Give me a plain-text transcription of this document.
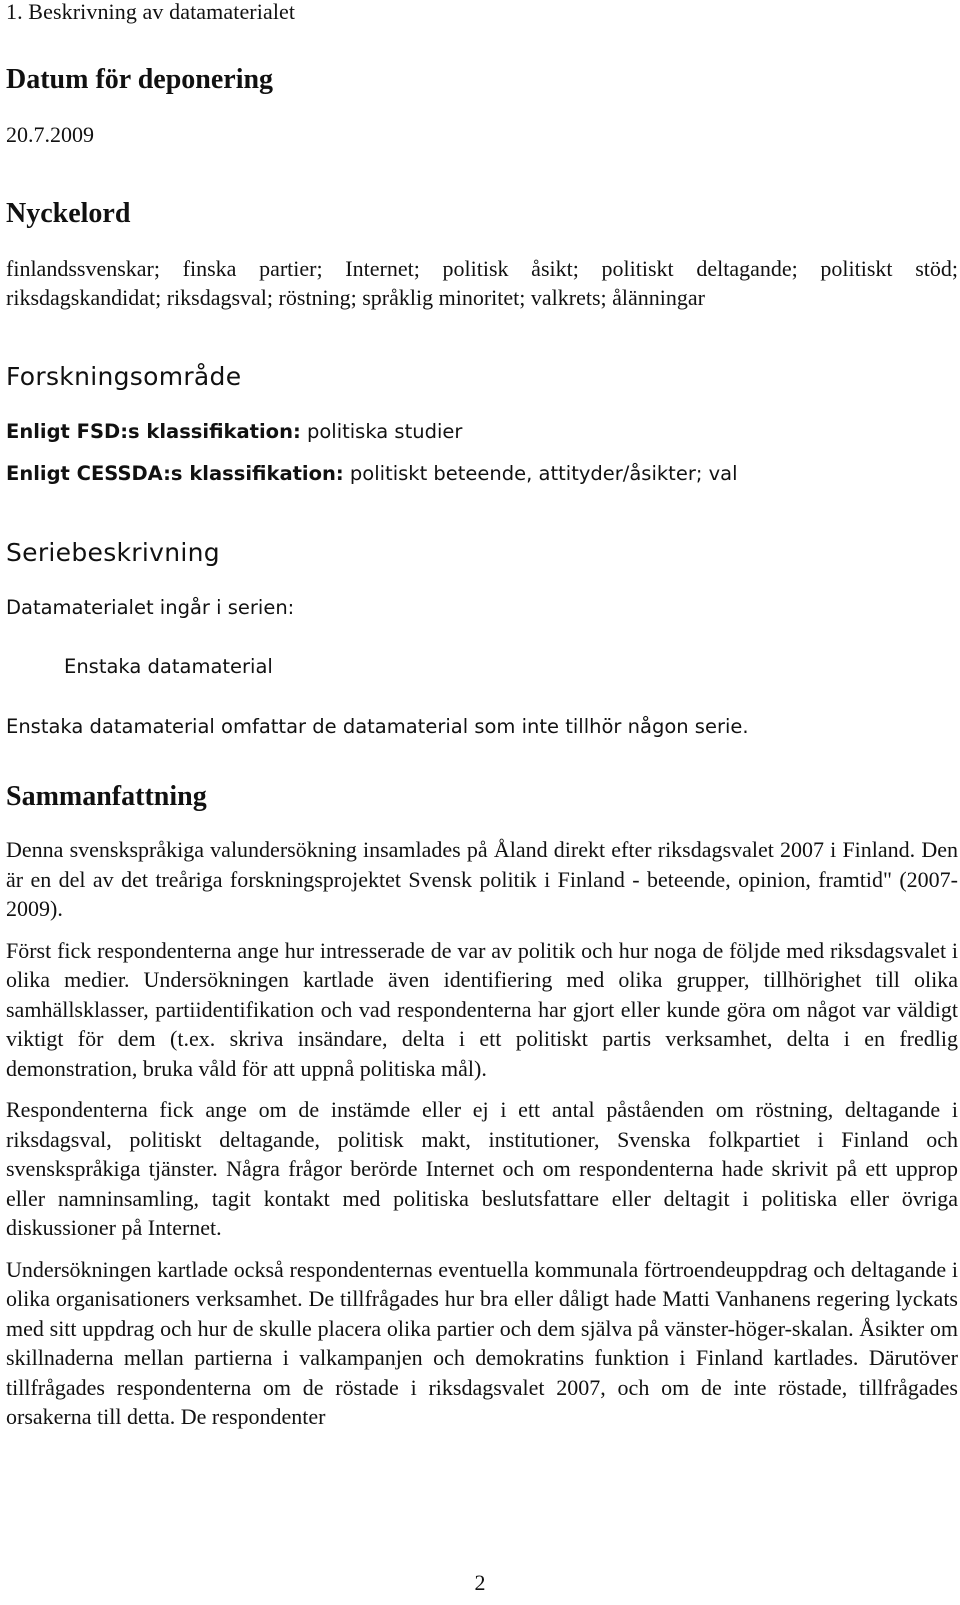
1. Beskrivning av datamaterialet
Datum för deponering

20.7.2009

Nyckelord

finlandssvenskar; finska partier; Internet; politisk åsikt; politiskt deltagande; politiskt stöd; riksdagskandidat; riksdagsval; röstning; språklig minoritet; valkrets; ålänningar

Forskningsområde

Enligt FSD:s klassifikation: politiska studier

Enligt CESSDA:s klassifikation: politiskt beteende, attityder/åsikter; val

Seriebeskrivning

Datamaterialet ingår i serien:

Enstaka datamaterial

Enstaka datamaterial omfattar de datamaterial som inte tillhör någon serie.

Sammanfattning

Denna svenskspråkiga valundersökning insamlades på Åland direkt efter riksdagsvalet 2007 i Finland. Den är en del av det treåriga forskningsprojektet Svensk politik i Finland - beteende, opinion, framtid" (2007-2009).

Först fick respondenterna ange hur intresserade de var av politik och hur noga de följde med riksdagsvalet i olika medier. Undersökningen kartlade även identifiering med olika grupper, tillhörighet till olika samhällsklasser, partiidentifikation och vad respondenterna har gjort eller kunde göra om något var väldigt viktigt för dem (t.ex. skriva insändare, delta i ett politiskt partis verksamhet, delta i en fredlig demonstration, bruka våld för att uppnå politiska mål).

Respondenterna fick ange om de instämde eller ej i ett antal påståenden om röstning, deltagande i riksdagsval, politiskt deltagande, politisk makt, institutioner, Svenska folkpartiet i Finland och svenskspråkiga tjänster. Några frågor berörde Internet och om respondenterna hade skrivit på ett upprop eller namninsamling, tagit kontakt med politiska beslutsfattare eller deltagit i politiska eller övriga diskussioner på Internet.

Undersökningen kartlade också respondenternas eventuella kommunala förtroendeuppdrag och deltagande i olika organisationers verksamhet. De tillfrågades hur bra eller dåligt hade Matti Vanhanens regering lyckats med sitt uppdrag och hur de skulle placera olika partier och dem själva på vänster-höger-skalan. Åsikter om skillnaderna mellan partierna i valkampanjen och demokratins funktion i Finland kartlades. Därutöver tillfrågades respondenterna om de röstade i riksdagsvalet 2007, och om de inte röstade, tillfrågades orsakerna till detta. De respondenter

2
